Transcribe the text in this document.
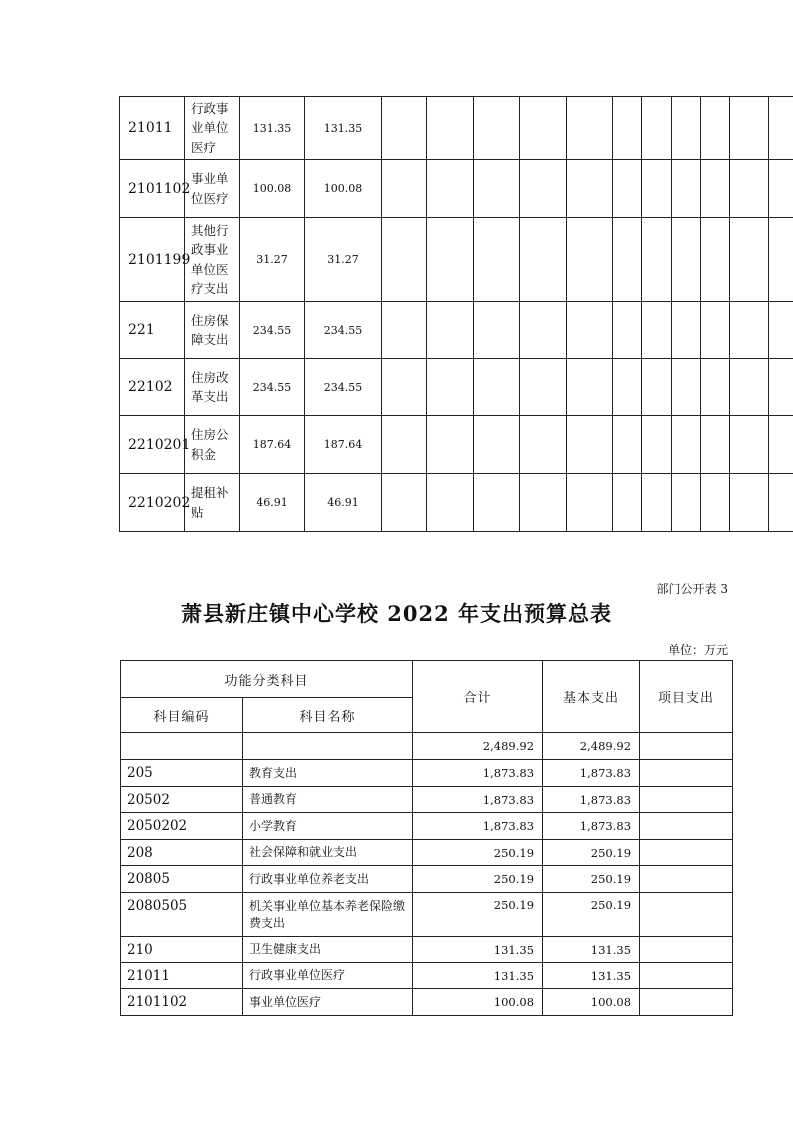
21011	行政事业单位医疗	131.35	131.35											
2101102	事业单位医疗	100.08	100.08											
2101199	其他行政事业单位医疗支出	31.27	31.27											
221	住房保障支出	234.55	234.55											
22102	住房改革支出	234.55	234.55											
2210201	住房公积金	187.64	187.64											
2210202	提租补贴	46.91	46.91											
部门公开表 3
萧县新庄镇中心学校 2022 年支出预算总表
单位：万元
功能分类科目		合计	基本支出	项目支出
科目编码	科目名称			
		2,489.92	2,489.92	
205	教育支出	1,873.83	1,873.83	
20502	普通教育	1,873.83	1,873.83	
2050202	小学教育	1,873.83	1,873.83	
208	社会保障和就业支出	250.19	250.19	
20805	行政事业单位养老支出	250.19	250.19	
2080505	机关事业单位基本养老保险缴费支出	250.19	250.19	
210	卫生健康支出	131.35	131.35	
21011	行政事业单位医疗	131.35	131.35	
2101102	事业单位医疗	100.08	100.08	
